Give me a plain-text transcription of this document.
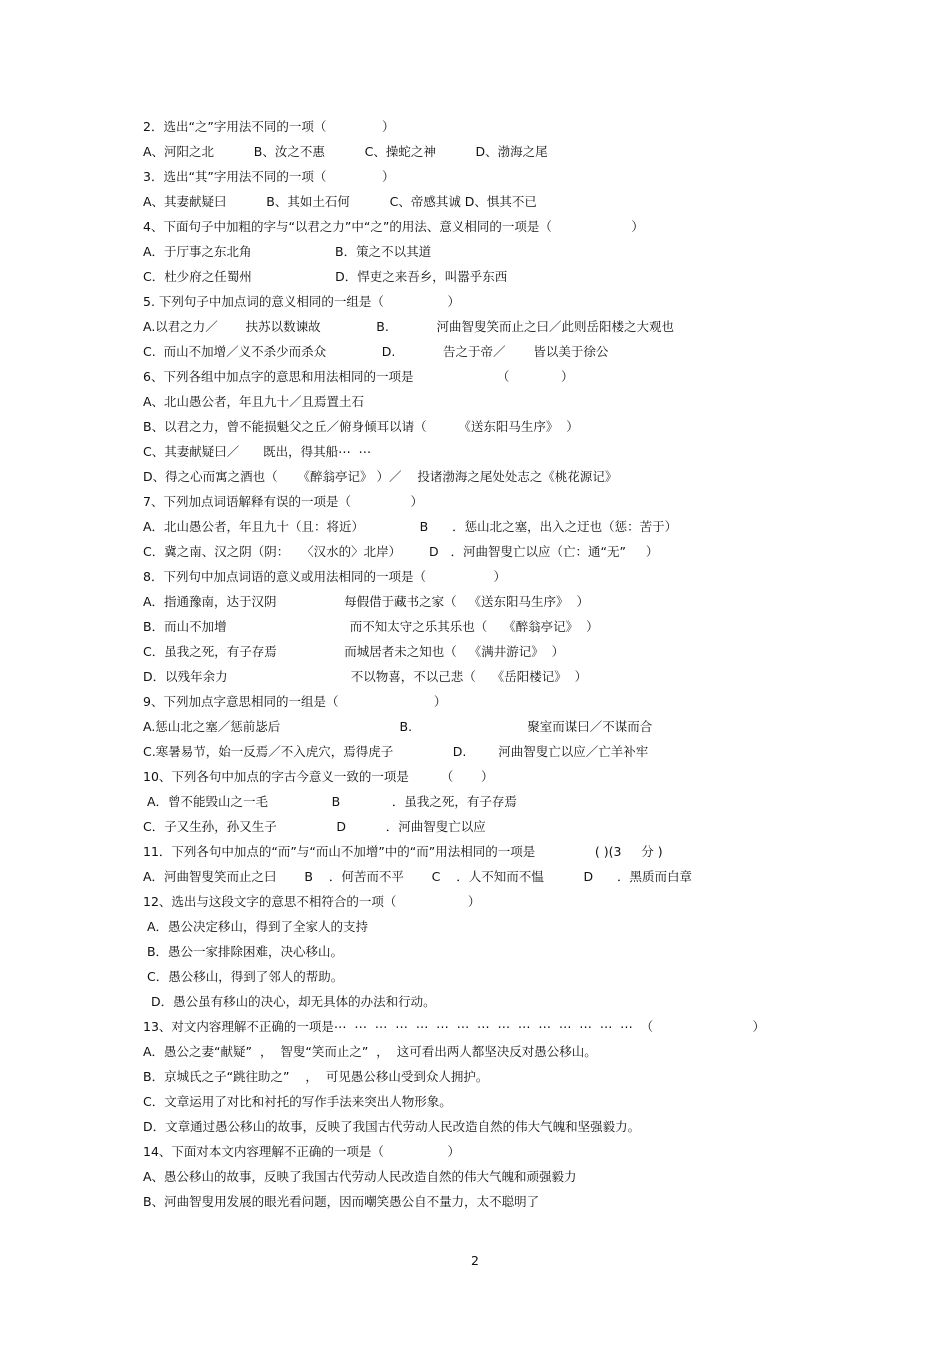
2．选出“之”字用法不同的一项（              ）
A、河阳之北          B、汝之不惠          C、操蛇之神          D、渤海之尾
3．选出“其”字用法不同的一项（              ）
A、其妻献疑曰          B、其如土石何          C、帝感其诚 D、惧其不已
4、下面句子中加粗的字与“以君之力”中“之”的用法、意义相同的一项是（                    ）
A．于厅事之东北角                     B．策之不以其道
C．杜少府之任蜀州                     D．悍吏之来吾乡，叫嚣乎东西
5. 下列句子中加点词的意义相同的一组是（                ）
A.以君之力／       扶苏以数谏故              B.            河曲智叟笑而止之曰／此则岳阳楼之大观也
C.  而山不加增／义不杀少而杀众              D.            告之于帝／       皆以美于徐公
6、下列各组中加点字的意思和用法相同的一项是                     （             ）
A、北山愚公者，年且九十／且焉置土石
B、以君之力，曾不能损魁父之丘／俯身倾耳以请（        《送东阳马生序》  ）
C、其妻献疑曰／      既出，得其船⋯  ⋯
D、得之心而寓之酒也（     《醉翁亭记》 ）／    投诸渤海之尾处处志之《桃花源记》
7、下列加点词语解释有误的一项是（               ）
A．北山愚公者，年且九十（且：将近）              B      ．惩山北之塞，出入之迂也（惩：苦于）
C．冀之南、汉之阴（阴：   〈汉水的〉北岸）       D   ．河曲智叟亡以应（亡：通“无”     ）
8．下列句中加点词语的意义或用法相同的一项是（                 ）
A．指通豫南，达于汉阴                 每假借于藏书之家（   《送东阳马生序》  ）
B．而山不加增                               而不知太守之乐其乐也（    《醉翁亭记》  ）
C．虽我之死，有子存焉                 而城居者未之知也（   《满井游记》  ）
D．以残年余力                               不以物喜，不以己悲（    《岳阳楼记》  ）
9、下列加点字意思相同的一组是（                        ）
A.惩山北之塞／惩前毖后                              B.                             聚室而谋曰／不谋而合
C.寒暑易节，始一反焉／不入虎穴，焉得虎子               D.        河曲智叟亡以应／亡羊补牢
10、下列各句中加点的字古今意义一致的一项是        （       ）
A．曾不能毁山之一毛                B             ．虽我之死，有子存焉
C．子又生孙，孙又生子               D          ．河曲智叟亡以应
11．下列各句中加点的“而”与“而山不加增”中的“而”用法相同的一项是               ( )(3     分 )
A．河曲智叟笑而止之曰       B    ．何苦而不平       C    ．人不知而不愠          D      ．黑质而白章
12、选出与这段文字的意思不相符合的一项（                  ）
A．愚公决定移山，得到了全家人的支持
B．愚公一家排除困难，决心移山。
C．愚公移山，得到了邻人的帮助。
D．愚公虽有移山的决心，却无具体的办法和行动。
13、对文内容理解不正确的一项是⋯  ⋯  ⋯  ⋯  ⋯  ⋯  ⋯  ⋯  ⋯  ⋯  ⋯  ⋯  ⋯  ⋯  ⋯  （                         ）
A．愚公之妻“献疑”  ，  智叟“笑而止之”  ，  这可看出两人都坚决反对愚公移山。
B．京城氏之子“跳往助之”    ，  可见愚公移山受到众人拥护。
C．文章运用了对比和衬托的写作手法来突出人物形象。
D．文章通过愚公移山的故事，反映了我国古代劳动人民改造自然的伟大气魄和坚强毅力。
14、下面对本文内容理解不正确的一项是（                ）
A、愚公移山的故事，反映了我国古代劳动人民改造自然的伟大气魄和顽强毅力
B、河曲智叟用发展的眼光看问题，因而嘲笑愚公自不量力，太不聪明了
2
